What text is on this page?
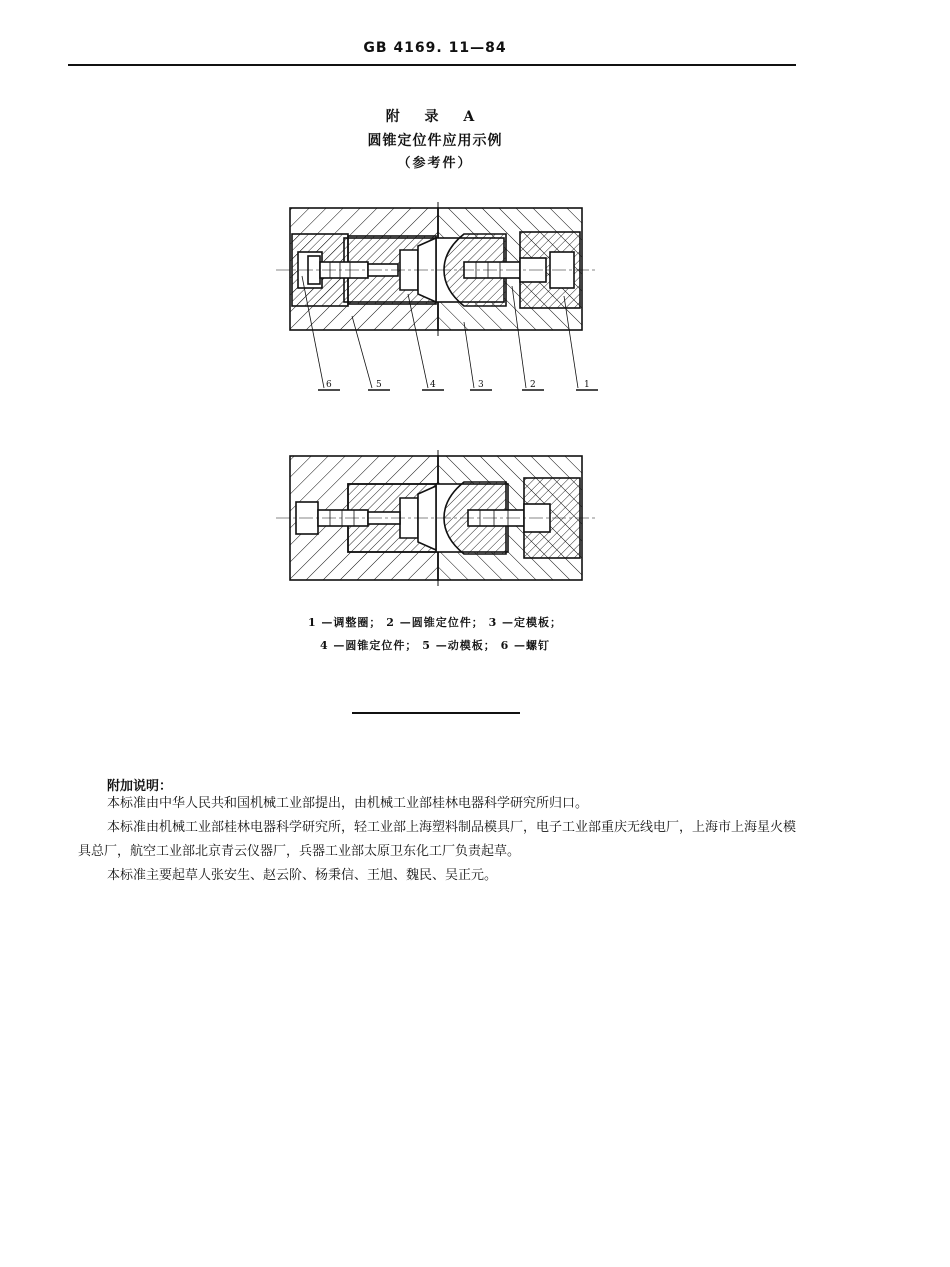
GB 4169. 11—84
附 录 A
圆锥定位件应用示例
（参考件）
6	5	4	3	2	1
1 —调整圈； 2 —圆锥定位件； 3 —定模板；
4 —圆锥定位件； 5 —动模板； 6 —螺钉
附加说明：
本标准由中华人民共和国机械工业部提出，由机械工业部桂林电器科学研究所归口。
本标准由机械工业部桂林电器科学研究所，轻工业部上海塑料制品模具厂，电子工业部重庆无线电厂，上海市上海星火模具总厂，航空工业部北京青云仪器厂，兵器工业部太原卫东化工厂负责起草。
本标准主要起草人张安生、赵云阶、杨秉信、王旭、魏民、吴正元。
